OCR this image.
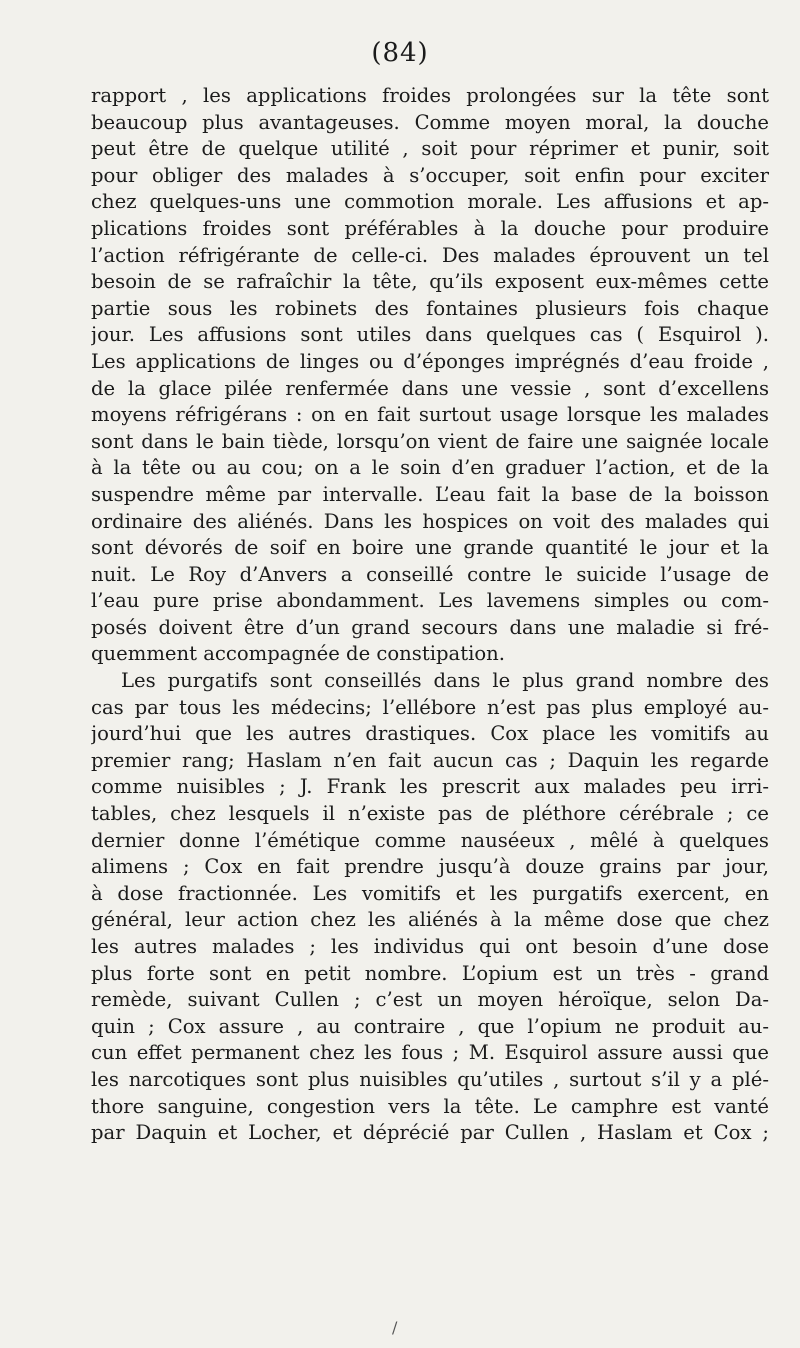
(84)
rapport , les applications froides prolongées sur la tête sont
beaucoup plus avantageuses. Comme moyen moral, la douche
peut être de quelque utilité , soit pour réprimer et punir, soit
pour obliger des malades à s’occuper, soit enfin pour exciter
chez quelques-uns une commotion morale. Les affusions et ap-
plications froides sont préférables à la douche pour produire
l’action réfrigérante de celle-ci. Des malades éprouvent un tel
besoin de se rafraîchir la tête, qu’ils exposent eux-mêmes cette
partie sous les robinets des fontaines plusieurs fois chaque
jour. Les affusions sont utiles dans quelques cas ( Esquirol ).
Les applications de linges ou d’éponges imprégnés d’eau froide ,
de la glace pilée renfermée dans une vessie , sont d’excellens
moyens réfrigérans : on en fait surtout usage lorsque les malades
sont dans le bain tiède, lorsqu’on vient de faire une saignée locale
à la tête ou au cou; on a le soin d’en graduer l’action, et de la
suspendre même par intervalle. L’eau fait la base de la boisson
ordinaire des aliénés. Dans les hospices on voit des malades qui
sont dévorés de soif en boire une grande quantité le jour et la
nuit. Le Roy d’Anvers a conseillé contre le suicide l’usage de
l’eau pure prise abondamment. Les lavemens simples ou com-
posés doivent être d’un grand secours dans une maladie si fré-
quemment accompagnée de constipation.
Les purgatifs sont conseillés dans le plus grand nombre des
cas par tous les médecins; l’ellébore n’est pas plus employé au-
jourd’hui que les autres drastiques. Cox place les vomitifs au
premier rang; Haslam n’en fait aucun cas ; Daquin les regarde
comme nuisibles ; J. Frank les prescrit aux malades peu irri-
tables, chez lesquels il n’existe pas de pléthore cérébrale ; ce
dernier donne l’émétique comme nauséeux , mêlé à quelques
alimens ; Cox en fait prendre jusqu’à douze grains par jour,
à dose fractionnée. Les vomitifs et les purgatifs exercent, en
général, leur action chez les aliénés à la même dose que chez
les autres malades ; les individus qui ont besoin d’une dose
plus forte sont en petit nombre. L’opium est un très - grand
remède, suivant Cullen ; c’est un moyen héroïque, selon Da-
quin ; Cox assure , au contraire , que l’opium ne produit au-
cun effet permanent chez les fous ; M. Esquirol assure aussi que
les narcotiques sont plus nuisibles qu’utiles , surtout s’il y a plé-
thore sanguine, congestion vers la tête. Le camphre est vanté
par Daquin et Locher, et déprécié par Cullen , Haslam et Cox ;
/
